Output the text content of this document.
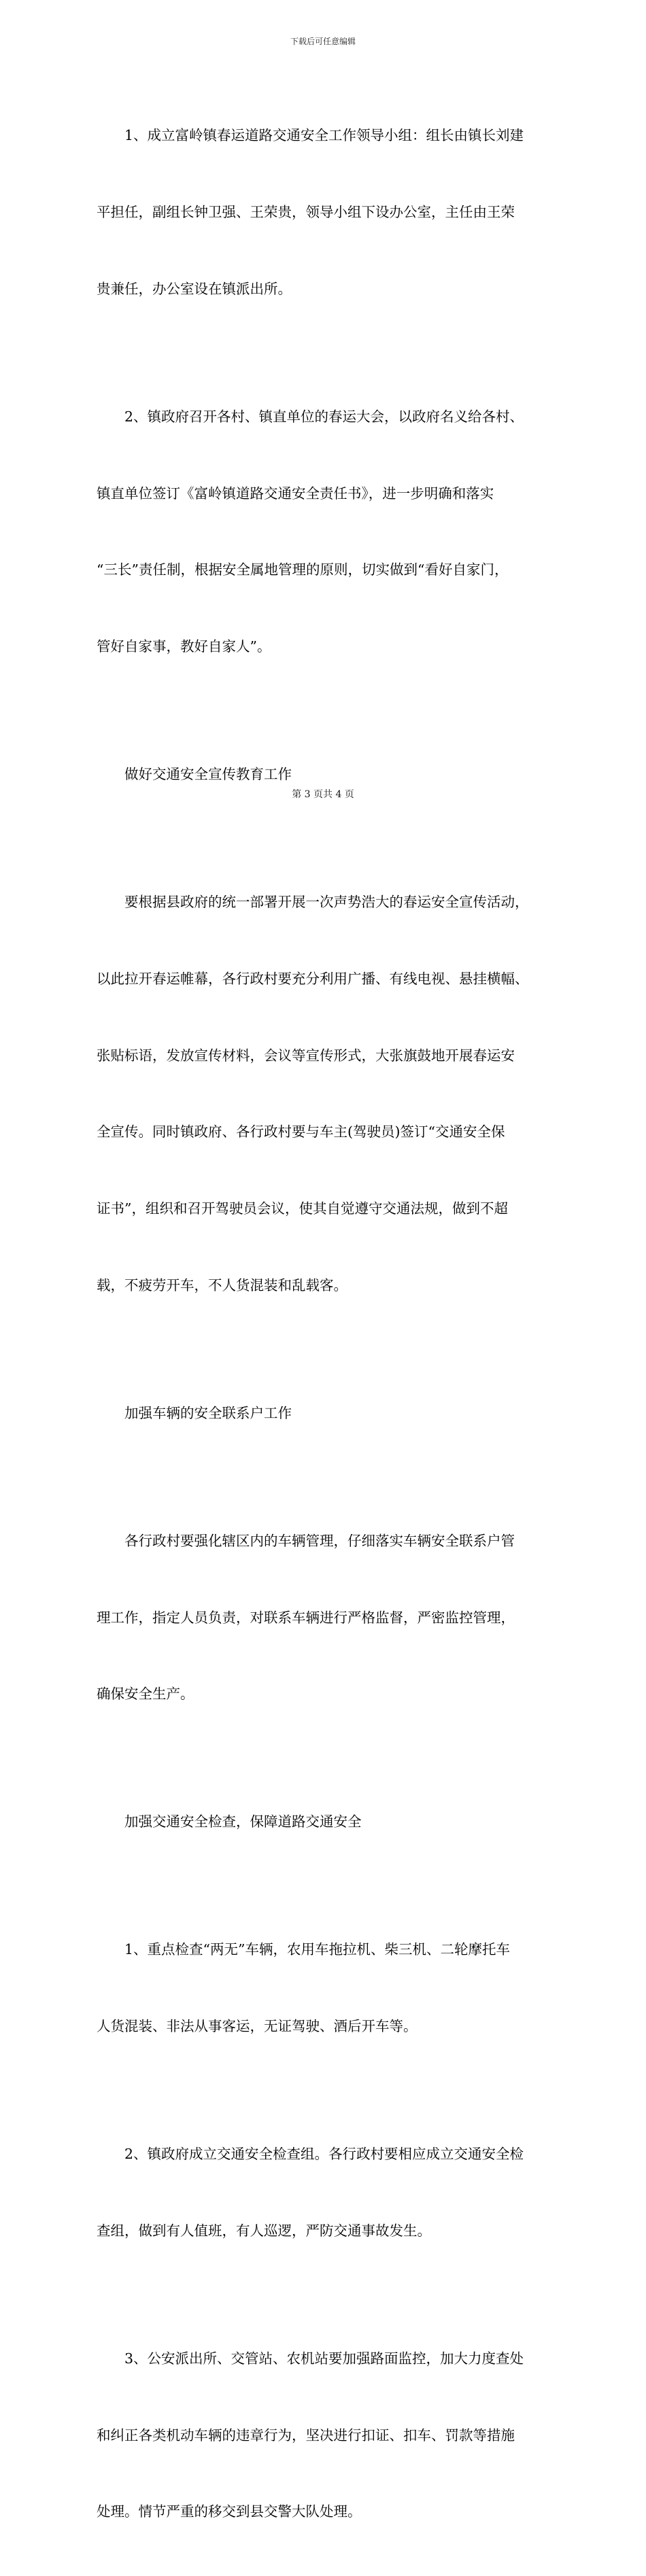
下载后可任意编辑

　　1、成立富岭镇春运道路交通安全工作领导小组：组长由镇长刘建

平担任，副组长钟卫强、王荣贵，领导小组下设办公室，主任由王荣

贵兼任，办公室设在镇派出所。

　　2、镇政府召开各村、镇直单位的春运大会，以政府名义给各村、

镇直单位签订《富岭镇道路交通安全责任书》，进一步明确和落实

“三长”责任制，根据安全属地管理的原则，切实做到“看好自家门，

管好自家事，教好自家人”。

　　做好交通安全宣传教育工作

　　要根据县政府的统一部署开展一次声势浩大的春运安全宣传活动，

以此拉开春运帷幕，各行政村要充分利用广播、有线电视、悬挂横幅、

张贴标语，发放宣传材料，会议等宣传形式，大张旗鼓地开展春运安

全宣传。同时镇政府、各行政村要与车主(驾驶员)签订“交通安全保

证书”，组织和召开驾驶员会议，使其自觉遵守交通法规，做到不超

载，不疲劳开车，不人货混装和乱载客。

　　加强车辆的安全联系户工作

　　各行政村要强化辖区内的车辆管理，仔细落实车辆安全联系户管

理工作，指定人员负责，对联系车辆进行严格监督，严密监控管理，

确保安全生产。

　　加强交通安全检查，保障道路交通安全

　　1、重点检查“两无”车辆，农用车拖拉机、柴三机、二轮摩托车

人货混装、非法从事客运，无证驾驶、酒后开车等。

　　2、镇政府成立交通安全检查组。各行政村要相应成立交通安全检

查组，做到有人值班，有人巡逻，严防交通事故发生。

　　3、公安派出所、交管站、农机站要加强路面监控，加大力度查处

和纠正各类机动车辆的违章行为，坚决进行扣证、扣车、罚款等措施

处理。情节严重的移交到县交警大队处理。

第 3 页共 4 页
